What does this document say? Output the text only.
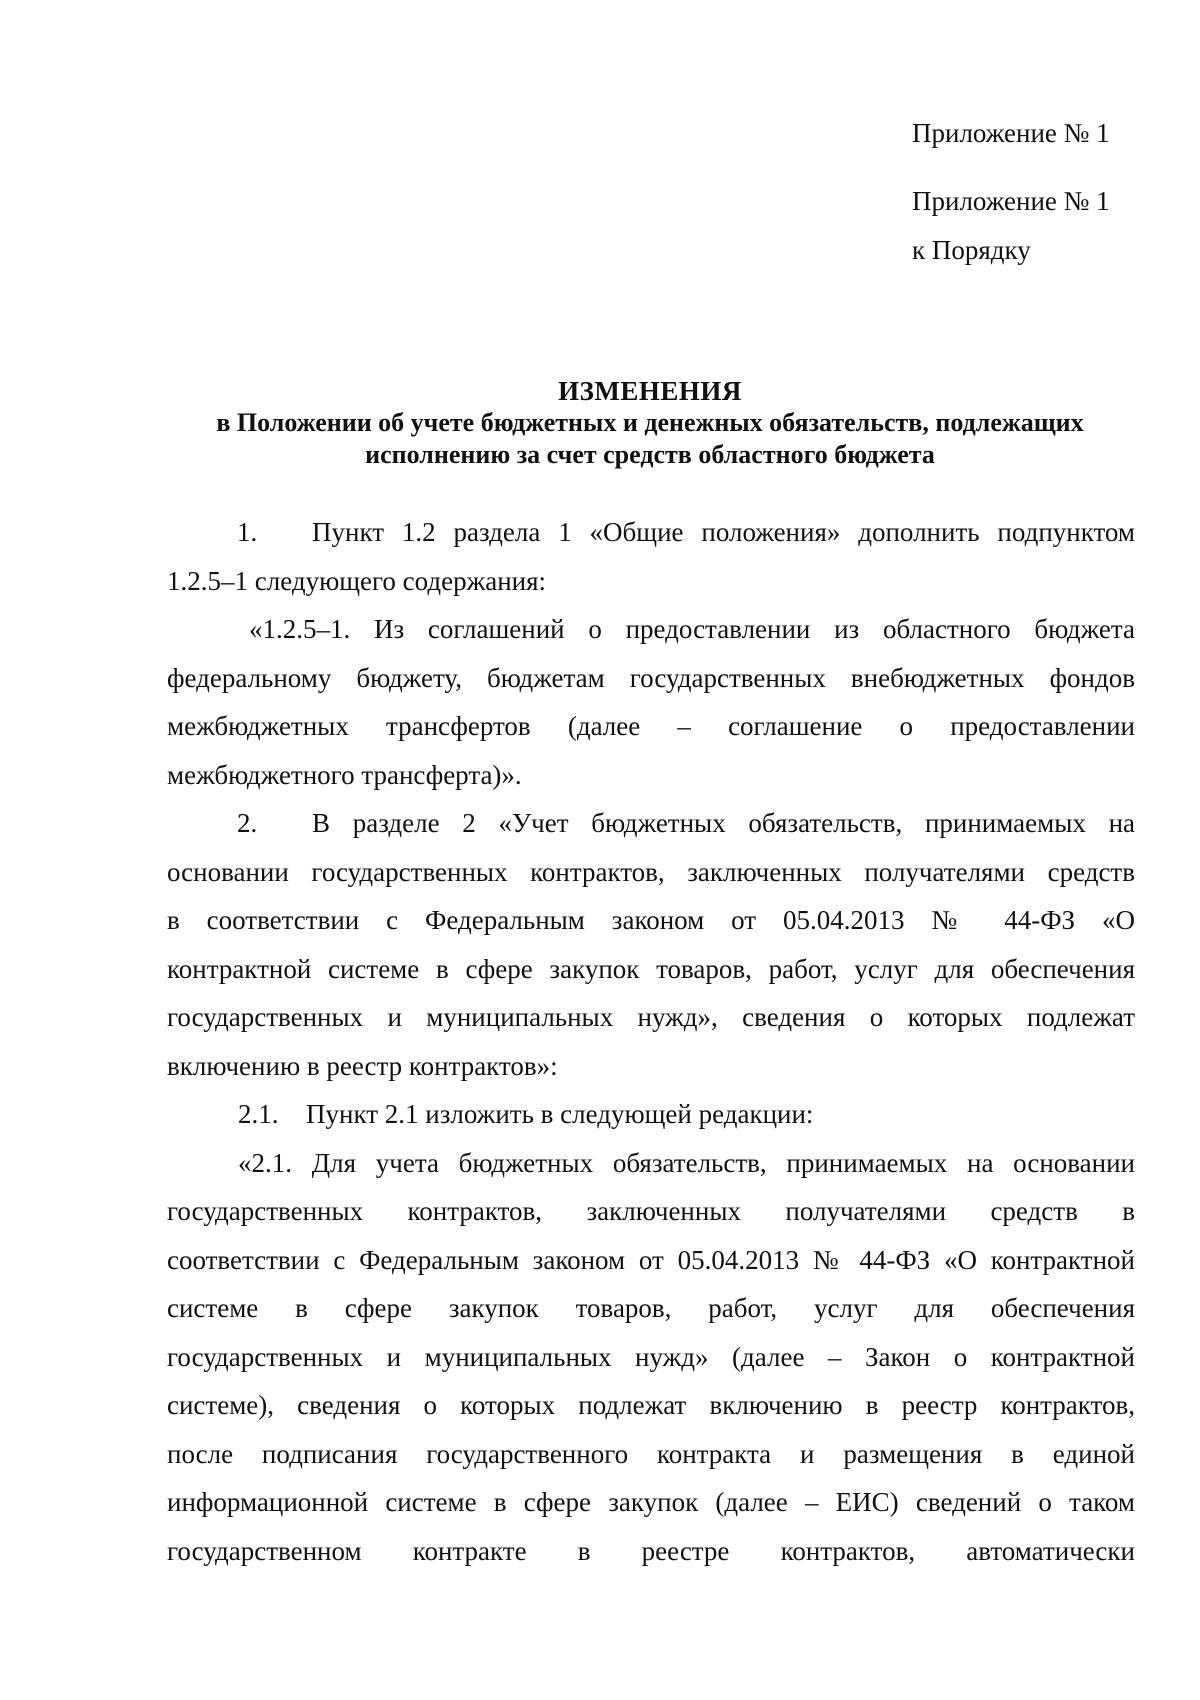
Приложение № 1
Приложение № 1
к Порядку
ИЗМЕНЕНИЯ
в Положении об учете бюджетных и денежных обязательств, подлежащих
исполнению за счет средств областного бюджета
1. Пункт 1.2 раздела 1 «Общие положения» дополнить подпунктом
1.2.5–1 следующего содержания:
«1.2.5–1. Из соглашений о предоставлении из областного бюджета
федеральному бюджету, бюджетам государственных внебюджетных фондов
межбюджетных трансфертов (далее – соглашение о предоставлении
межбюджетного трансферта)».
2. В разделе 2 «Учет бюджетных обязательств, принимаемых на
основании государственных контрактов, заключенных получателями средств
в соответствии с Федеральным законом от 05.04.2013 № 44-ФЗ «О
контрактной системе в сфере закупок товаров, работ, услуг для обеспечения
государственных и муниципальных нужд», сведения о которых подлежат
включению в реестр контрактов»:
2.1. Пункт 2.1 изложить в следующей редакции:
«2.1. Для учета бюджетных обязательств, принимаемых на основании
государственных контрактов, заключенных получателями средств в
соответствии с Федеральным законом от 05.04.2013 № 44-ФЗ «О контрактной
системе в сфере закупок товаров, работ, услуг для обеспечения
государственных и муниципальных нужд» (далее – Закон о контрактной
системе), сведения о которых подлежат включению в реестр контрактов,
после подписания государственного контракта и размещения в единой
информационной системе в сфере закупок (далее – ЕИС) сведений о таком
государственном контракте в реестре контрактов, автоматически
